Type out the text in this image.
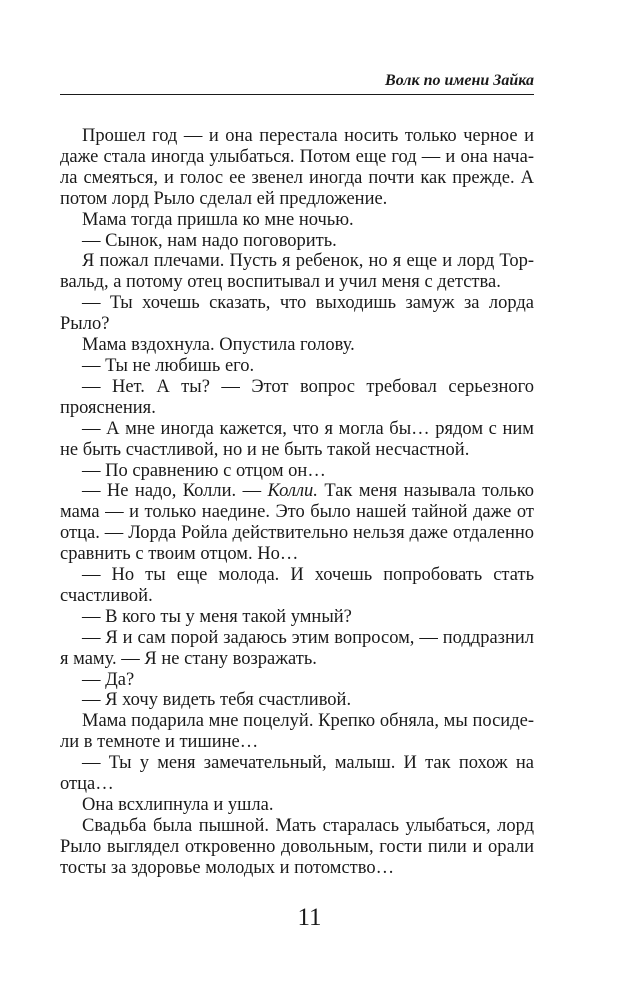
Волк по имени Зайка

Прошел год — и она перестала носить только черное и даже стала иногда улыбаться. Потом еще год — и она начала смеяться, и голос ее звенел иногда почти как прежде. А потом лорд Рыло сделал ей предложение.

Мама тогда пришла ко мне ночью.

— Сынок, нам надо поговорить.

Я пожал плечами. Пусть я ребенок, но я еще и лорд Торвальд, а потому отец воспитывал и учил меня с детства.

— Ты хочешь сказать, что выходишь замуж за лорда Рыло?

Мама вздохнула. Опустила голову.

— Ты не любишь его.

— Нет. А ты? — Этот вопрос требовал серьезного прояснения.

— А мне иногда кажется, что я могла бы… рядом с ним не быть счастливой, но и не быть такой несчастной.

— По сравнению с отцом он…

— Не надо, Колли. — Колли. Так меня называла только мама — и только наедине. Это было нашей тайной даже от отца. — Лорда Ройла действительно нельзя даже отдаленно сравнить с твоим отцом. Но…

— Но ты еще молода. И хочешь попробовать стать счастливой.

— В кого ты у меня такой умный?

— Я и сам порой задаюсь этим вопросом, — поддразнил я маму. — Я не стану возражать.

— Да?

— Я хочу видеть тебя счастливой.

Мама подарила мне поцелуй. Крепко обняла, мы посидели в темноте и тишине…

— Ты у меня замечательный, малыш. И так похож на отца…

Она всхлипнула и ушла.

Свадьба была пышной. Мать старалась улыбаться, лорд Рыло выглядел откровенно довольным, гости пили и орали тосты за здоровье молодых и потомство…

11
